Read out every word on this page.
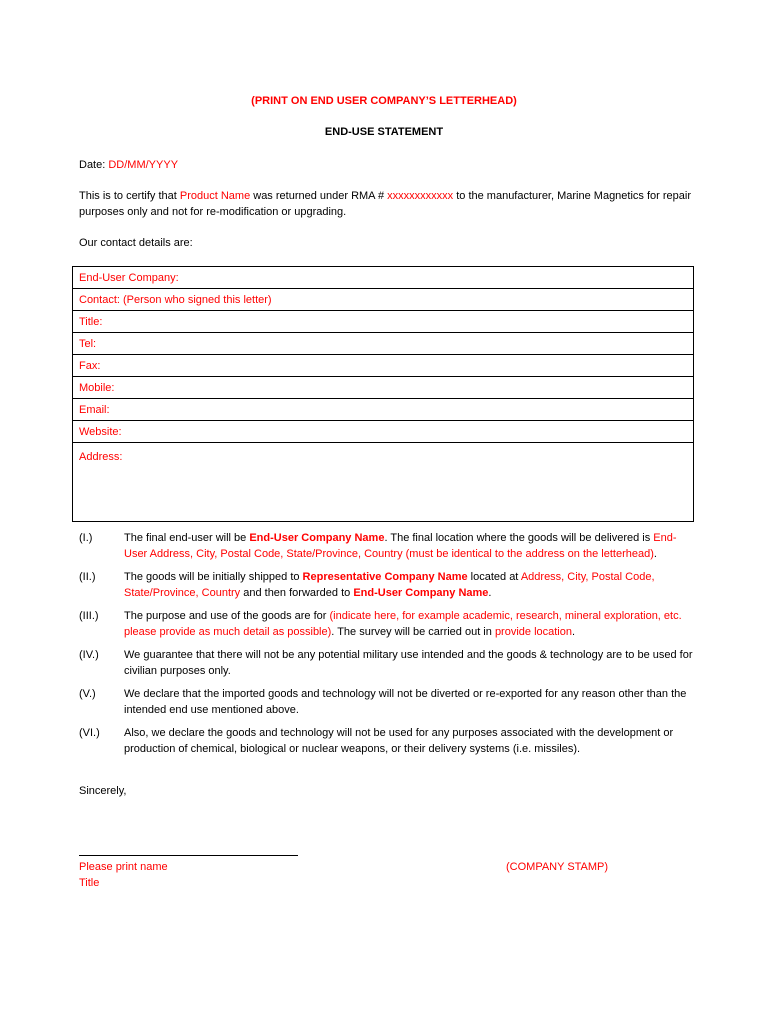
(PRINT ON END USER COMPANY’S LETTERHEAD)
END-USE STATEMENT
Date: DD/MM/YYYY
This is to certify that Product Name was returned under RMA # xxxxxxxxxxxx to the manufacturer, Marine Magnetics for repair purposes only and not for re-modification or upgrading.
Our contact details are:
End-User Company:
Contact: (Person who signed this letter)
Title:
Tel:
Fax:
Mobile:
Email:
Website:
Address:
(I.)	The final end-user will be End-User Company Name. The final location where the goods will be delivered is End-User Address, City, Postal Code, State/Province, Country (must be identical to the address on the letterhead).
(II.)	The goods will be initially shipped to Representative Company Name located at Address, City, Postal Code, State/Province, Country and then forwarded to End-User Company Name.
(III.)	The purpose and use of the goods are for (indicate here, for example academic, research, mineral exploration, etc. please provide as much detail as possible). The survey will be carried out in provide location.
(IV.)	We guarantee that there will not be any potential military use intended and the goods & technology are to be used for civilian purposes only.
(V.)	We declare that the imported goods and technology will not be diverted or re-exported for any reason other than the intended end use mentioned above.
(VI.)	Also, we declare the goods and technology will not be used for any purposes associated with the development or production of chemical, biological or nuclear weapons, or their delivery systems (i.e. missiles).
Sincerely,
Please print name
Title
(COMPANY STAMP)
